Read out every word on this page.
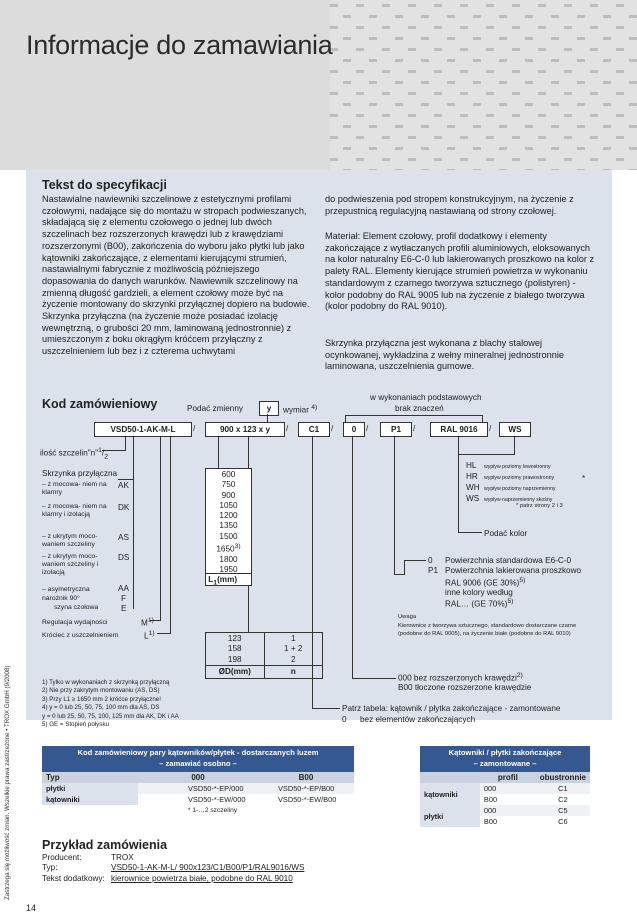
Informacje do zamawiania
Tekst do specyfikacji
Nastawialne nawiewniki szczelinowe z estetycznymi profilami czołowymi, nadające się do montażu w stropach podwieszanych, składającą się z elementu czołowego o jednej lub dwóch szczelinach bez rozszerzonych krawędzi lub z krawędziami rozszerzonymi (B00), zakończenia do wyboru jako płytki lub jako kątowniki zakończające, z elementami kierującymi strumień, nastawialnymi fabrycznie z możliwością późniejszego dopasowania do danych warunków. Nawiewnik szczelinowy na zmienną długość gardzieli, a element czołowy może być na życzenie montowany do skrzynki przyłącznej dopiero na budowie. Skrzynka przyłączna (na życzenie może posiadać izolację wewnętrzną, o grubości 20 mm, laminowaną jednostronnie) z umieszczonym z boku okrągłym króćcem przyłączny z uszczelnieniem lub bez i z czterema uchwytami
do podwieszenia pod stropem konstrukcyjnym, na życzenie z przepustnicą regulacyjną nastawianą od strony czołowej.
Materiał: Element czołowy, profil dodatkowy i elementy zakończające z wytłaczanych profili aluminiowych, eloksowanych na kolor naturalny E6-C-0 lub lakierowanych proszkowo na kolor z palety RAL. Elementy kierujące strumień powietrza w wykonaniu standardowym z czarnego tworzywa sztucznego (polistyren) - kolor podobny do RAL 9005 lub na życzenie z białego tworzywa (kolor podobny do RAL 9010).
Skrzynka przyłączna jest wykonana z blachy stalowej ocynkowanej, wykładzina z wełny mineralnej jednostronnie laminowana, uszczelnienia gumowe.
Kod zamówieniowy	Podać zmienny	y	wymiar $^{4)}$
w wykonaniach podstawowych
brak znaczeń
VSD50-1-AK-M-L	/	900 x 123 x y	/	C1	/	0	/	P1	/	RAL 9016	/	WS
ilość $szczelin"n"^1/_2$
Skrzynka przyłączna
– z mocowa- niem na klamry
AK
– z mocowa- niem na klamry i izolacją
DK
– z ukrytym moco- waniem szczeliny
AS
– z ukrytym moco- waniem szczeliny i izolacją
DS
– asymetryczna narożnik 90°
AA
F
szyna czołowa	E
Regulacja wydajności	$M^{1)}$
Króciec z uszczelnieniem	$L^{1)}$
600
750
900
1050
1200
1350
1500
1650$^{3)}$
1800
1950
$L_1(mm)$
123	1
158	1 + 2
198	2
ØD(mm)	n
HL wypływ poziomy lewostronny
HR wypływ poziomy prawostronny
WH wypływ poziomy naprzemienny
WS wypływ naprzemienny skośny
*
* patrz strony 2 i 3
Podać kolor
0 Powierzchnia standardowa E6-C-0
P1 Powierzchnia lakierowana proszkowo
RAL 9006 (GE 30%)$^{5)}$
inne kolory według
RAL… (GE 70%)$^{5)}$
Uwaga
Kierownice z tworzywa sztucznego, standardowo dostarczane czarne (podobne do RAL 9005), na życzenie białe (podobne do RAL 9010)
000 bez rozszerzonych krawędzi$^{2)}$
B00 tłoczone rozszerzone krawędzie
Patrz tabela: kątownik / płytka zakończające - zamontowane
0 bez elementów zakończających
1) Tylko w wykonaniach z skrzynką przyłączną
2) Nie przy zakrytym montowaniu (AS, DS)
3) Przy L1 ≥ 1650 mm 2 króćce przyłączne!
4) y = 0 lub 25, 50, 75, 100 mm dla AS, DS
y = 0 lub 25, 50, 75, 100, 125 mm dla AK, DK i AA
5) GE = Stopień połysku
Kod zamówieniowy pary kątowników/płytek - dostarczanych luzem
– zamawiać osobno –
Typ	000	B00
płytki	VSD50-*-EP/000	VSD50-*-EP/B00
kątowniki	VSD50-*-EW/000	VSD50-*-EW/B00
	* 1-…2 szczeliny	
Kątowniki / płytki zakończające
– zamontowane –
	profil	obustronnie
kątowniki	000	C1
	B00	C2
płytki	000	C5
	B00	C6
Przykład zamówienia
Producent:	TROX
Typ:	VSD50-1-AK-M-L/ 900x123/C1/B00/P1/RAL9016/WS
Tekst dodatkowy: kierownice powietrza białe, podobne do RAL 9010
Zastrzega się możliwość zmian. Wszelkie prawa zastrzeżone • TROX GmbH (9/2008)
14
